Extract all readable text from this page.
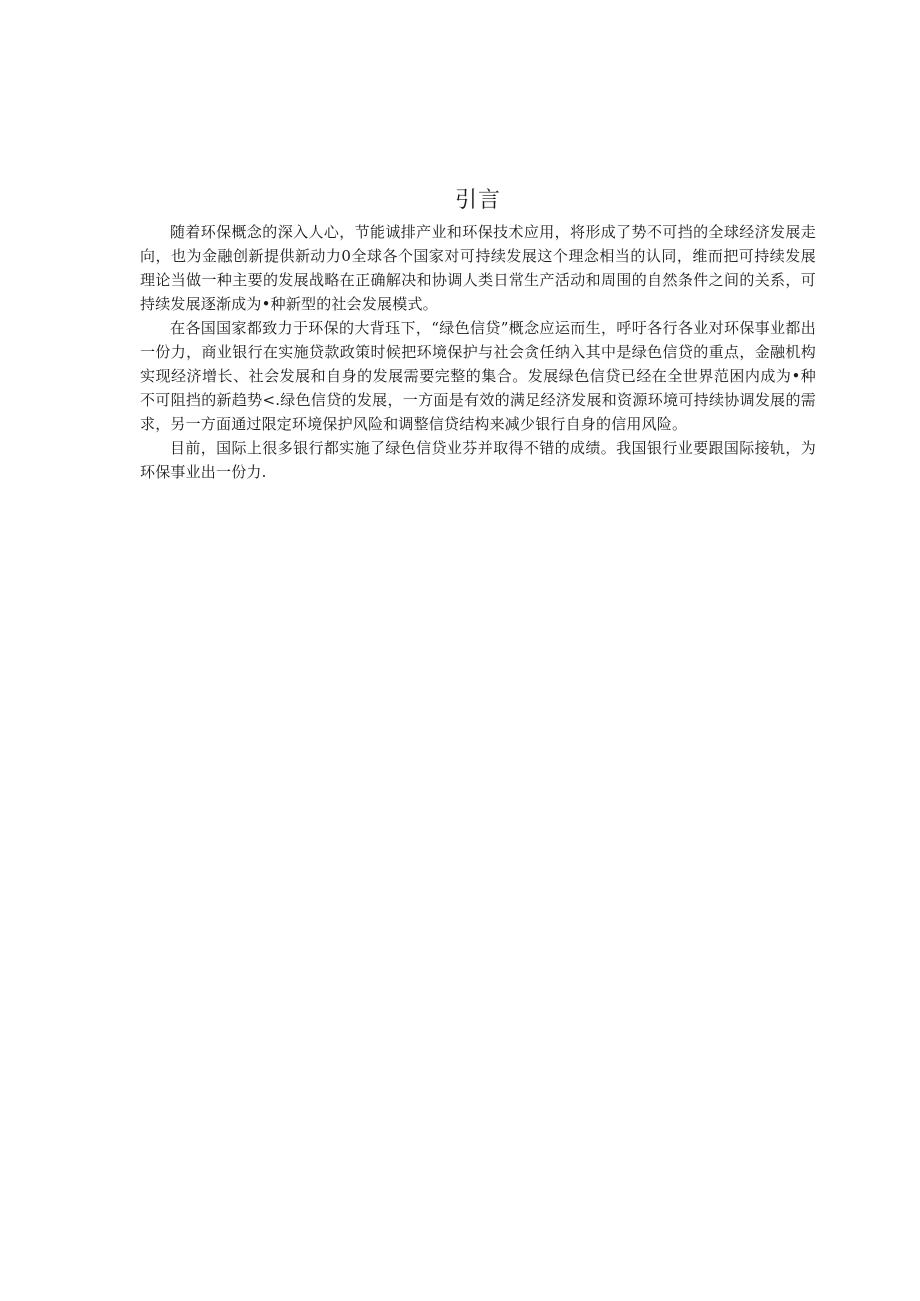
引言

随着环保概念的深入人心，节能诚排产业和环保技术应用，将形成了势不可挡的全球经济发展走向，也为金融创新提供新动力0全球各个国家对可持续发展这个理念相当的认同，维而把可持续发展理论当做一种主要的发展战略在正确解决和协调人类日常生产活动和周围的自然条件之间的关系，可持续发展逐渐成为•种新型的社会发展模式。

在各国国家都致力于环保的大背珏下，“绿色信贷”概念应运而生，呼吁各行各业对环保事业都出一份力，商业银行在实施贷款政策时候把环境保护与社会贪任纳入其中是绿色信贷的重点，金融机构实现经济增长、社会发展和自身的发展需要完整的集合。发展绿色信贷已经在全世界范困内成为•种不可阻挡的新趋势<.绿色信贷的发展，一方面是有效的满足经济发展和资源环境可持续协调发展的需求，另一方面通过限定环境保护风险和调整信贷结构来减少银行自身的信用风险。

目前，国际上很多银行都实施了绿色信贷业芬并取得不错的成绩。我国银行业要跟国际接轨，为环保事业出一份力.
